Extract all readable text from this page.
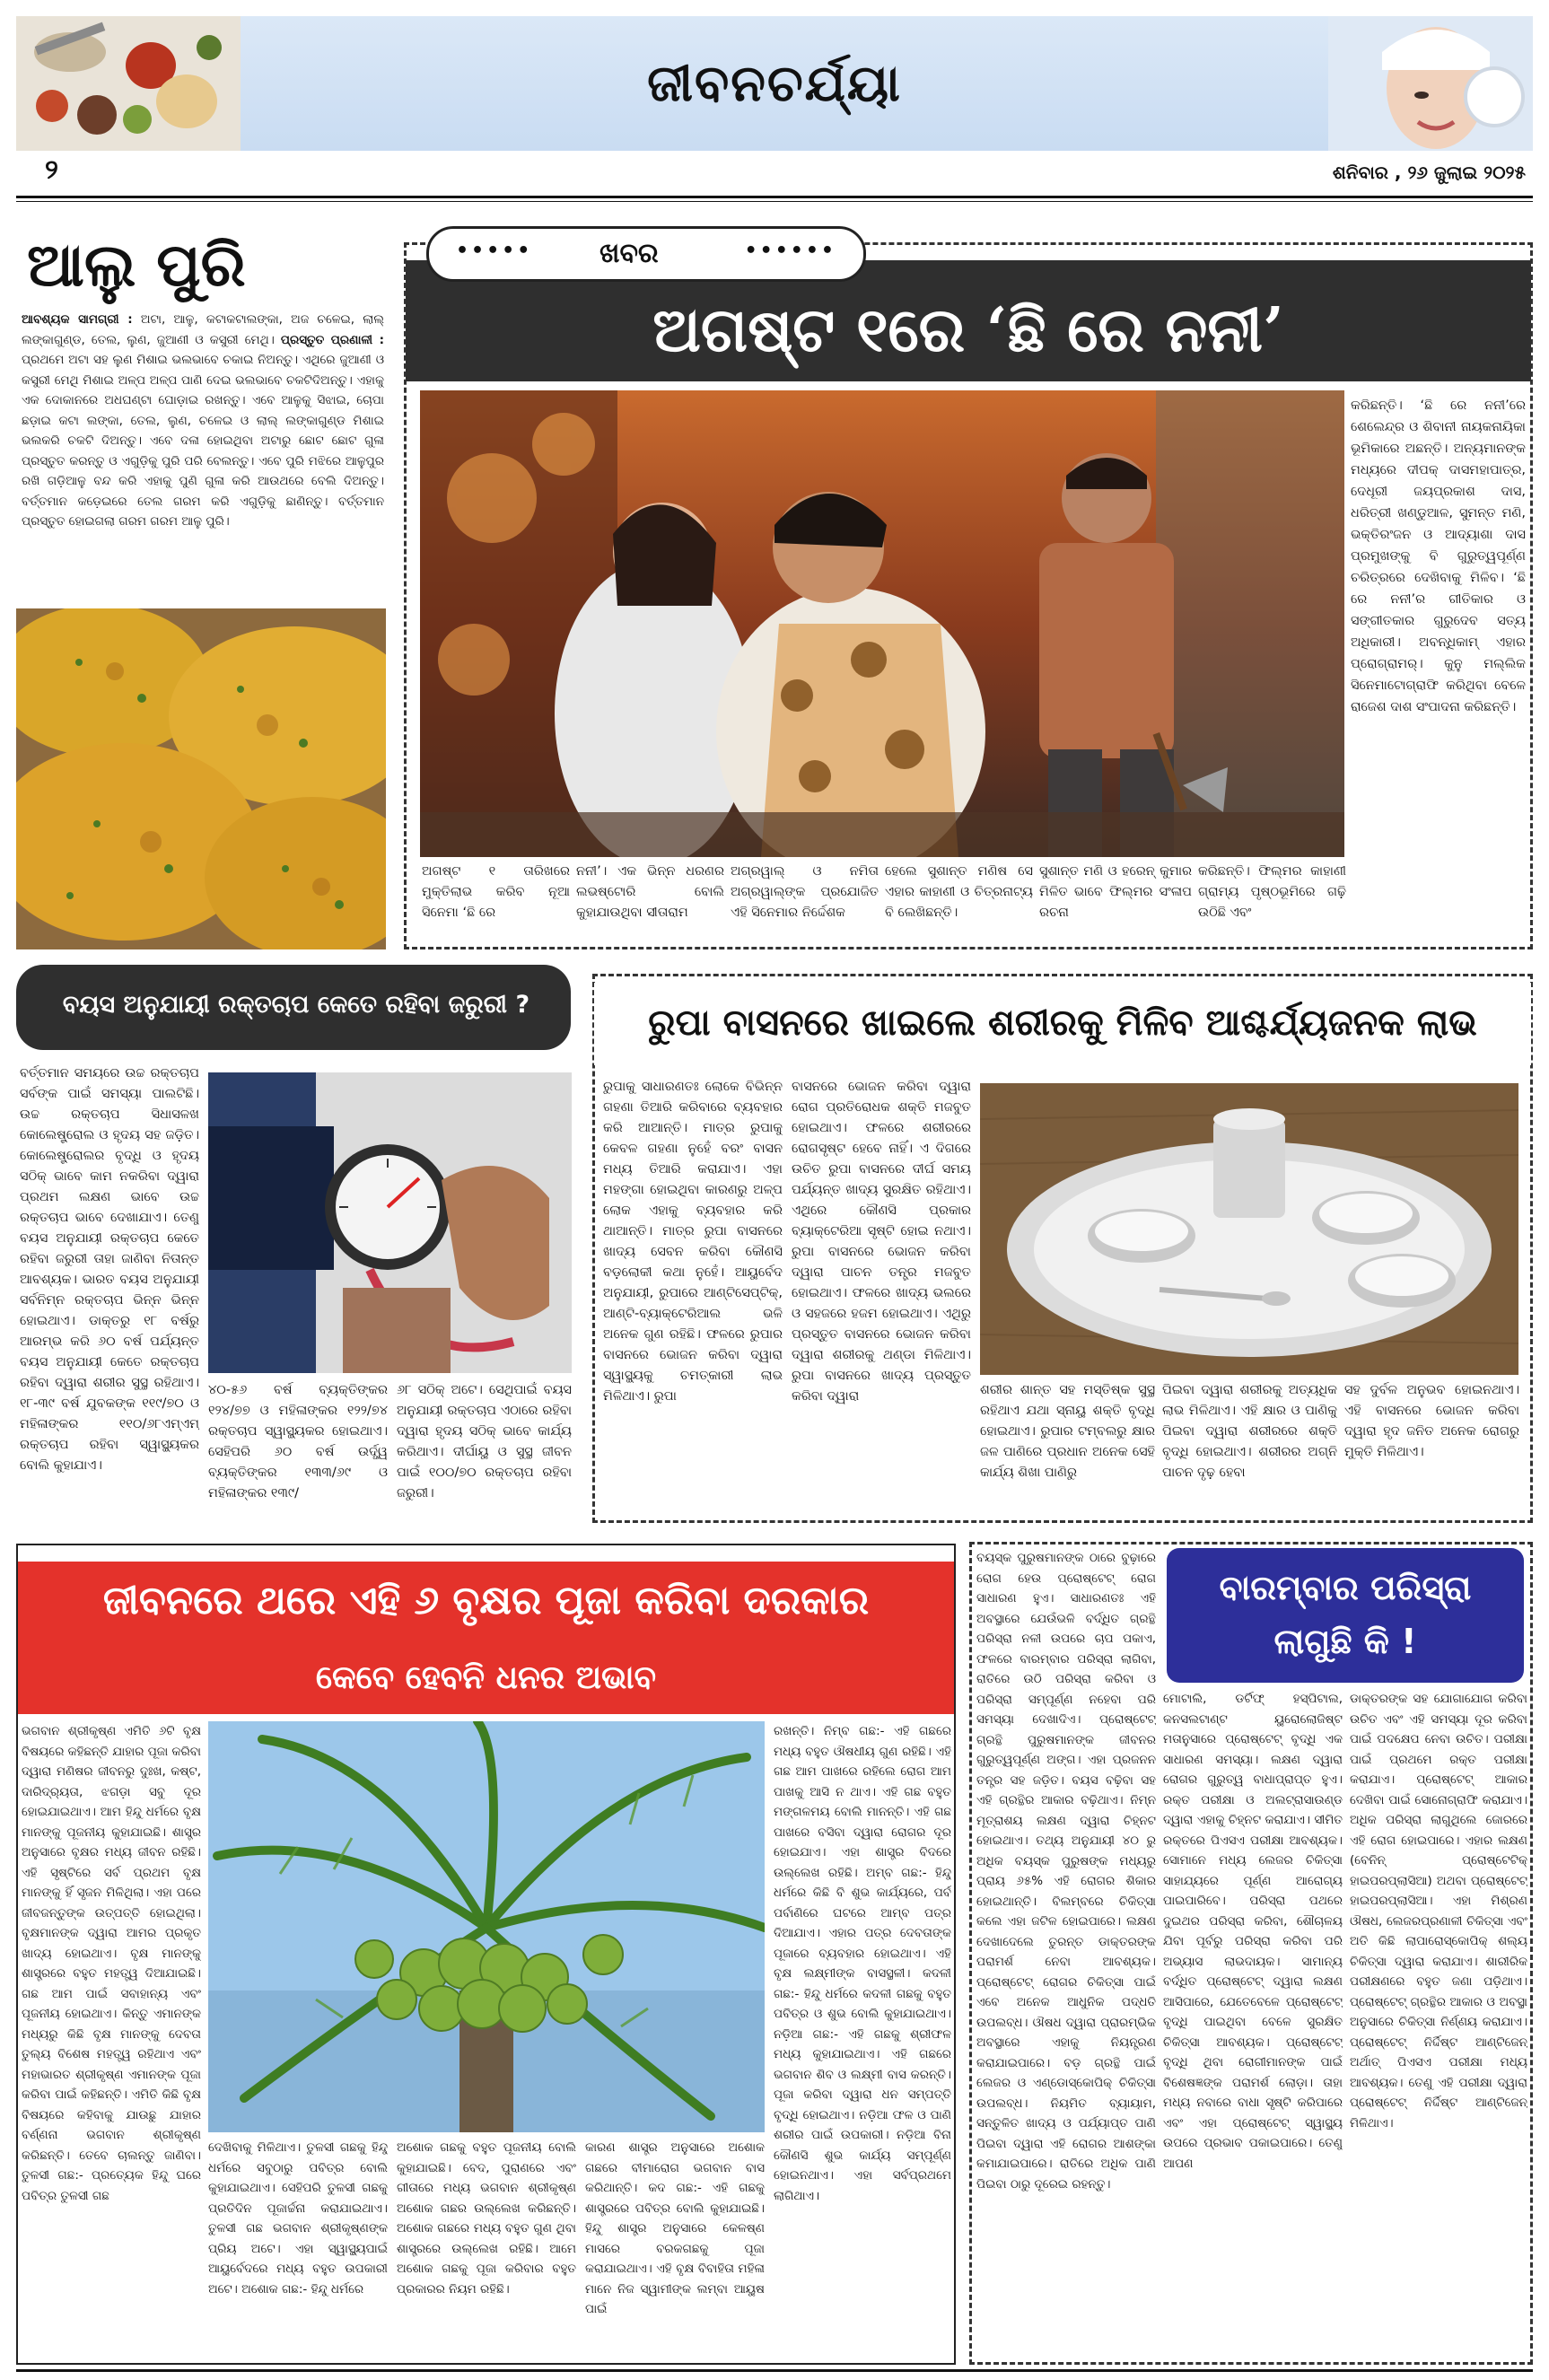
ଜୀବନଚର୍ଯ୍ୟା
୨	ଶନିବାର , ୨୬ ଜୁଲାଇ ୨୦୨୫
ଆଲୁ ପୁରି
ଆବଶ୍ୟକ ସାମଗ୍ରୀ : ଅଟା, ଆଳୁ, କଟାକଟାଲଙ୍କା, ଅଜ ଚଳେଇ, ଲାଲ୍ ଲଙ୍କାଗୁଣ୍ଡ, ତେଲ, ଲୁଣ, ଜୁଆଣୀ ଓ କସୁରୀ ମେଥି। ପ୍ରସ୍ତୁତ ପ୍ରଣାଳୀ : ପ୍ରଥମେ ଅଟା ସହ ଲୁଣ ମିଶାଇ ଭଲଭାବେ ଚକାଇ ନିଅନ୍ତୁ। ଏଥିରେ ଜୁଆଣୀ ଓ କସୁରୀ ମେଥି ମିଶାଇ ଅଳ୍ପ ଅଳ୍ପ ପାଣି ଦେଇ ଭଲଭାବେ ଚକଟିଦିଅନ୍ତୁ। ଏହାକୁ ଏକ ଦୋକାନରେ ଅଧଘଣ୍ଟା ଘୋଡ଼ାଇ ରଖନ୍ତୁ। ଏବେ ଆଳୁକୁ ସିଝାଇ, ଚୋପା ଛଡ଼ାଇ କଟା ଲଙ୍କା, ତେଲ, ଲୁଣ, ଚଳେଇ ଓ ଲାଲ୍ ଲଙ୍କାଗୁଣ୍ଡ ମିଶାଇ ଭଲକରି ଚକଟି ଦିଅନ୍ତୁ। ଏବେ ଦଳା ହୋଇଥିବା ଅଟାରୁ ଛୋଟ ଛୋଟ ଗୁଳା ପ୍ରସ୍ତୁତ କରନ୍ତୁ ଓ ଏଗୁଡ଼ିକୁ ପୁରି ପରି ବେଲନ୍ତୁ। ଏବେ ପୁରି ମଝିରେ ଆଳୁପୁର ରଖି ଗଡ଼ିଆଳୁ ବନ୍ଦ କରି ଏହାକୁ ପୁଣି ଗୁଳା କରି ଆଉଥରେ ବେଲି ଦିଅନ୍ତୁ। ବର୍ତ୍ତମାନ କଡ଼େଇରେ ତେଲ ଗରମ କରି ଏଗୁଡ଼ିକୁ ଛାଣିନ୍ତୁ। ବର୍ତ୍ତମାନ ପ୍ରସ୍ତୁତ ହୋଇଗଲା ଗରମ ଗରମ ଆଳୁ ପୁରି।
••••• ଖବର	••••••
ଅଗଷ୍ଟ ୧ରେ ‘ଛି ରେ ନନୀ’
କରିଛନ୍ତି। ‘ଛି ରେ ନନୀ’ରେ ଶେଲେନ୍ଦ୍ର ଓ ଶିବାନୀ ନାୟକନାୟିକା ଭୂମିକାରେ ଅଛନ୍ତି। ଅନ୍ୟମାନଙ୍କ ମଧ୍ୟରେ ଦୀପକ୍ ଦାସମହାପାତ୍ର, ଦେଧୂରୀ ଜୟପ୍ରକାଶ ଦାସ, ଧରିତ୍ରୀ ଖଣ୍ଡୁଆଳ, ସୁମନ୍ତ ମଣି, ଭକ୍ତିରଂଜନ ଓ ଆଦ୍ୟାଶା ଦାସ ପ୍ରମୁଖଙ୍କୁ ବି ଗୁରୁତ୍ୱପୂର୍ଣ୍ଣ ଚରିତ୍ରରେ ଦେଖିବାକୁ ମିଳିବ। ‘ଛି ରେ ନନୀ’ର ଗୀତିକାର ଓ ସଙ୍ଗୀତକାର ଗୁରୁଦେବ ସତ୍ୟ ଅଧିକାରୀ। ଅବନ୍ଧିକାମ୍ ଏହାର ପ୍ରୋଗ୍ରାମର୍। କୁନୁ ମଲ୍ଲିକ ସିନେମାଟୋଗ୍ରାଫି କରିଥିବା ବେଳେ ରାଜେଶ ଦାଶ ସଂପାଦନା କରିଛନ୍ତି।
ଅଗଷ୍ଟ ୧ ତାରିଖରେ ମୁକ୍ତିଲାଭ କରିବ ନୂଆ ସିନେମା ‘ଛି ରେ
ନନୀ’। ଏକ ଭିନ୍ନ ଧରଣର ଲଭଷ୍ଟୋରି ବୋଲି କୁହାଯାଉଥିବା ସୀତାରାମ
ଅଗ୍ରୱାଲ୍ ଓ ନମିତା ଅଗ୍ରୱାଲ୍‌ଙ୍କ ପ୍ରଯୋଜିତ ଏହି ସିନେମାର ନିର୍ଦ୍ଦେଶକ
ହେଲେ ସୁଶାନ୍ତ ମଣିଷ ସେ ଏହାର କାହାଣୀ ଓ ଚିତ୍ରନାଟ୍ୟ ବି ଲେଖିଛନ୍ତି।
ସୁଶାନ୍ତ ମଣି ଓ ହରେନ୍ କୁମାର ମିଳିତ ଭାବେ ଫିଲ୍ମର ସଂଳାପ ରଚନା
କରିଛନ୍ତି। ଫିଲ୍ମର କାହାଣୀ ଗ୍ରାମ୍ୟ ପୃଷ୍ଠଭୂମିରେ ଗଢ଼ି ଉଠିଛି ଏବଂ
ବୟସ ଅନୁଯାୟୀ ରକ୍ତଚାପ କେତେ ରହିବା ଜରୁରୀ ?
ବର୍ତ୍ତମାନ ସମୟରେ ଉଚ୍ଚ ରକ୍ତଚାପ ସର୍ବଙ୍କ ପାଇଁ ସମସ୍ୟା ପାଲଟିଛି। ଉଚ୍ଚ ରକ୍ତଚାପ ସିଧାସଳଖ କୋଲେଷ୍ଟ୍ରୋଲ ଓ ହୃଦୟ ସହ ଜଡ଼ିତ। କୋଲେଷ୍ଟ୍ରୋଲର ବୃଦ୍ଧି ଓ ହୃଦୟ ସଠିକ୍ ଭାବେ କାମ ନକରିବା ଦ୍ୱାରା ପ୍ରଥମ ଲକ୍ଷଣ ଭାବେ ଉଚ୍ଚ ରକ୍ତଚାପ ଭାବେ ଦେଖାଯାଏ। ତେଣୁ ବୟସ ଅନୁଯାୟୀ ରକ୍ତଚାପ କେତେ ରହିବା ଜରୁରୀ ତାହା ଜାଣିବା ନିତାନ୍ତ ଆବଶ୍ୟକ। ଭାରତ ବୟସ ଅନୁଯାୟୀ ସର୍ବନିମ୍ନ ରକ୍ତଚାପ ଭିନ୍ନ ଭିନ୍ନ ହୋଇଥାଏ। ଡାକ୍ତରୁ ୧୮ ବର୍ଷରୁ ଆରମ୍ଭ କରି ୬୦ ବର୍ଷ ପର୍ଯ୍ୟନ୍ତ ବୟସ ଅନୁଯାୟୀ କେତେ ରକ୍ତଚାପ ରହିବା ଦ୍ୱାରା ଶରୀର ସୁସ୍ଥ ରହିଥାଏ। ୧୮-୩୯ ବର୍ଷ ଯୁବକଙ୍କ ୧୧୯/୭୦ ଓ ମହିଳାଙ୍କର ୧୧୦/୬୮ଏମ୍ଏମ୍ ରକ୍ତଚାପ ରହିବା ସ୍ୱାସ୍ଥ୍ୟକର ବୋଲି କୁହାଯାଏ।
୪୦-୫୬ ବର୍ଷ ବ୍ୟକ୍ତିଙ୍କର ୧୨୪/୭୭ ଓ ମହିଳାଙ୍କର ୧୨୨/୭୪ ରକ୍ତଚାପ ସ୍ୱାସ୍ଥ୍ୟକର ହୋଇଥାଏ। ସେହିପରି ୬୦ ବର୍ଷ ଉର୍ଦ୍ଧ୍ୱ ବ୍ୟକ୍ତିଙ୍କର ୧୩୩/୬୯ ଓ ମହିଳାଙ୍କର ୧୩୯/
୬୮ ସଠିକ୍ ଅଟେ। ସେଥିପାଇଁ ବୟସ ଅନୁଯାୟୀ ରକ୍ତଚାପ ଏଠାରେ ରହିବା ଦ୍ୱାରା ହୃଦୟ ସଠିକ୍ ଭାବେ କାର୍ଯ୍ୟ କରିଥାଏ। ଦୀର୍ଘାୟୁ ଓ ସୁସ୍ଥ ଜୀବନ ପାଇଁ ୧୦୦/୭୦ ରକ୍ତଚାପ ରହିବା ଜରୁରୀ।
ରୁପା ବାସନରେ ଖାଇଲେ ଶରୀରକୁ ମିଳିବ ଆଶ୍ଚର୍ଯ୍ୟଜନକ ଲାଭ
ରୁପାକୁ ସାଧାରଣତଃ ଲୋକେ ବିଭିନ୍ନ ଗହଣା ତିଆରି କରିବାରେ ବ୍ୟବହାର କରି ଆଆନ୍ତି। ମାତ୍ର ରୁପାକୁ କେବଳ ଗହଣା ନୁହେଁ ବରଂ ବାସନ ମଧ୍ୟ ତିଆରି କରାଯାଏ। ଏହା ମହଙ୍ଗା ହୋଇଥିବା କାରଣରୁ ଅଳ୍ପ ଲୋକ ଏହାକୁ ବ୍ୟବହାର କରି ଥାଆନ୍ତି। ମାତ୍ର ରୁପା ବାସନରେ ଖାଦ୍ୟ ସେବନ କରିବା କୌଣସି ବଡ଼ଲୋକୀ କଥା ନୁହେଁ। ଆୟୁର୍ବେଦ ଅନୁଯାୟୀ, ରୁପାରେ ଆଣ୍ଟିସେପ୍ଟିକ୍, ଆଣ୍ଟି-ବ୍ୟାକ୍ଟେରିଆଲ ଭଳି ଅନେକ ଗୁଣ ରହିଛି। ଫଳରେ ରୁପାର ବାସନରେ ଭୋଜନ କରିବା ଦ୍ୱାରା ସ୍ୱାସ୍ଥ୍ୟକୁ ଚମତ୍କାରୀ ଲାଭ ମିଳିଥାଏ। ରୁପା
ବାସନରେ ଭୋଜନ କରିବା ଦ୍ୱାରା ରୋଗ ପ୍ରତିରୋଧକ ଶକ୍ତି ମଜବୁତ ହୋଇଥାଏ। ଫଳରେ ଶରୀରରେ ରୋଗସୃଷ୍ଟ ହେବେ ନାହିଁ। ଏ ଦିଗରେ ଉଚିତ ରୁପା ବାସନରେ ଦୀର୍ଘ ସମୟ ପର୍ଯ୍ୟନ୍ତ ଖାଦ୍ୟ ସୁରକ୍ଷିତ ରହିଥାଏ। ଏଥିରେ କୌଣସି ପ୍ରକାର ବ୍ୟାକ୍ଟେରିଆ ସୃଷ୍ଟି ହୋଇ ନଥାଏ। ରୁପା ବାସନରେ ଭୋଜନ କରିବା ଦ୍ୱାରା ପାଚନ ତନ୍ତ୍ର ମଜବୁତ ହୋଇଥାଏ। ଫଳରେ ଖାଦ୍ୟ ଭଲରେ ଓ ସହଜରେ ହଜମ ହୋଇଥାଏ। ଏଥିରୁ ପ୍ରସ୍ତୁତ ବାସନରେ ଭୋଜନ କରିବା ଦ୍ୱାରା ଶରୀରକୁ ଥଣ୍ଡା ମିଳିଥାଏ। ରୁପା ବାସନରେ ଖାଦ୍ୟ ପ୍ରସ୍ତୁତ କରିବା ଦ୍ୱାରା	ଶରୀର ଶାନ୍ତ ସହ ମସ୍ତିଷ୍କ ସୁସ୍ଥ ରହିଥାଏ ଯଥା ସ୍ନାୟୁ ଶକ୍ତି ବୃଦ୍ଧି ହୋଇଥାଏ। ରୁପାର ଟମ୍ବଲରୁ କ୍ଷାର ଜଳ ପାଣିରେ ପ୍ରଧାନ ଅନେକ ସେହି କାର୍ଯ୍ୟ ଶିଖା ପାଣିରୁ
ପିଇବା ଦ୍ୱାରା ଶରୀରକୁ ଅତ୍ୟଧିକ ଲାଭ ମିଳିଥାଏ। ଏହି କ୍ଷାର ଓ ପାଣିକୁ ପିଇବା ଦ୍ୱାରା ଶରୀରରେ ଶକ୍ତି ବୃଦ୍ଧି ହୋଇଥାଏ। ଶରୀରର ଅଗ୍ନି ପାଚନ ଦୃଢ଼ ହେବା
ସହ ଦୁର୍ବଳ ଅନୁଭବ ହୋଇନଥାଏ। ଏହି ବାସନରେ ଭୋଜନ କରିବା ଦ୍ୱାରା ହୃଦ ଜନିତ ଅନେକ ରୋଗରୁ ମୁକ୍ତି ମିଳିଥାଏ।
ଜୀବନରେ ଥରେ ଏହି ୬ ବୃକ୍ଷର ପୂଜା କରିବା ଦରକାର
କେବେ ହେବନି ଧନର ଅଭାବ
ଭଗବାନ ଶ୍ରୀକୃଷ୍ଣ ଏମିତି ୬ଟି ବୃକ୍ଷ ବିଷୟରେ କହିଛନ୍ତି ଯାହାର ପୂଜା କରିବା ଦ୍ୱାରା ମଣିଷର ଜୀବନରୁ ଦୁଃଖ, କଷ୍ଟ, ଦାରିଦ୍ର୍ୟତା, ଝଗଡ଼ା ସବୁ ଦୂର ହୋଇଯାଇଥାଏ। ଆମ ହିନ୍ଦୁ ଧର୍ମରେ ବୃକ୍ଷ ମାନଙ୍କୁ ପୂଜନୀୟ କୁହାଯାଇଛି। ଶାସ୍ତ୍ର ଅନୁସାରେ ବୃକ୍ଷର ମଧ୍ୟ ଜୀବନ ରହିଛି। ଏହି ସୃଷ୍ଟିରେ ସର୍ବ ପ୍ରଥମ ବୃକ୍ଷ ମାନଙ୍କୁ ହିଁ ସୃଜନ ମିଳିଥିଲା। ଏହା ପରେ ଜୀବଜନ୍ତୁଙ୍କ ଉତ୍ପତ୍ତି ହୋଇଥିଲା। ବୃକ୍ଷମାନଙ୍କ ଦ୍ୱାରା ଆମର ପ୍ରକୃତ ଖାଦ୍ୟ ହୋଇଥାଏ। ବୃକ୍ଷ ମାନଙ୍କୁ ଶାସ୍ତ୍ରରେ ବହୁତ ମହତ୍ତ୍ୱ ଦିଆଯାଇଛି। ଗଛ ଆମ ପାଇଁ ସବାହାନ୍ୟ ଏବଂ ପୂଜନୀୟ ହୋଇଥାଏ। କିନ୍ତୁ ଏମାନଙ୍କ ମଧ୍ୟରୁ କିଛି ବୃକ୍ଷ ମାନଙ୍କୁ ଦେବତା ତୁଲ୍ୟ ବିଶେଷ ମହତ୍ତ୍ୱ ରହିଥାଏ ଏବଂ ମହାଭାରତ ଶ୍ରୀକୃଷ୍ଣ ଏମାନଙ୍କ ପୂଜା କରିବା ପାଇଁ କହିଛନ୍ତି। ଏମିତି କିଛି ବୃକ୍ଷ ବିଷୟରେ କହିବାକୁ ଯାଉଛୁ ଯାହାର ବର୍ଣ୍ଣନା ଭଗବାନ ଶ୍ରୀକୃଷ୍ଣ କରିଛନ୍ତି। ତେବେ ଚାଲନ୍ତୁ ଜାଣିବା। ତୁଳସୀ ଗଛ:- ପ୍ରତ୍ୟେକ ହିନ୍ଦୁ ଘରେ ପବିତ୍ର ତୁଳସୀ ଗଛ
ଦେଖିବାକୁ ମିଳିଥାଏ। ତୁଳସୀ ଗଛକୁ ହିନ୍ଦୁ ଧର୍ମରେ ସବୁଠାରୁ ପବିତ୍ର ବୋଲି କୁହାଯାଇଥାଏ। ସେହିପରି ତୁଳସୀ ଗଛକୁ ପ୍ରତିଦିନ ପୂଜାର୍ଚ୍ଚନା କରାଯାଇଥାଏ। ତୁଳସୀ ଗଛ ଭଗବାନ ଶ୍ରୀକୃଷ୍ଣଙ୍କ ପ୍ରିୟ ଅଟେ। ଏହା ସ୍ୱାସ୍ଥ୍ୟପାଇଁ ଆୟୁର୍ବେଦରେ ମଧ୍ୟ ବହୁତ ଉପକାରୀ ଅଟେ। ଅଶୋକ ଗଛ:- ହିନ୍ଦୁ ଧର୍ମରେ
ଅଶୋକ ଗଛକୁ ବହୁତ ପୂଜନୀୟ ବୋଲି କୁହାଯାଇଛି। ବେଦ, ପୁରାଣରେ ଏବଂ ଗୀତାରେ ମଧ୍ୟ ଭଗବାନ ଶ୍ରୀକୃଷ୍ଣ ଅଶୋକ ଗଛର ଉଲ୍ଲେଖ କରିଛନ୍ତି। ଅଶୋକ ଗଛରେ ମଧ୍ୟ ବହୁତ ଗୁଣ ଥିବା ଶାସ୍ତ୍ରରେ ଉଲ୍ଲେଖ ରହିଛି। ଆମେ ଅଶୋକ ଗଛକୁ ପୂଜା କରିବାର ବହୁତ ପ୍ରକାରର ନିୟମ ରହିଛି।
କାରଣ ଶାସ୍ତ୍ର ଅନୁସାରେ ଅଶୋକ ଗଛରେ ବୀମାରୋଗ ଭଗବାନ ବାସ କରିଥାନ୍ତି। କଦ ଗଛ:- ଏହି ଗଛକୁ ଶାସ୍ତ୍ରରେ ପବିତ୍ର ବୋଲି କୁହାଯାଇଛି। ହିନ୍ଦୁ ଶାସ୍ତ୍ର ଅନୁସାରେ କେଳଷ୍ଣ ମାସରେ ବରକଗଛକୁ ପୂଜା କରାଯାଇଥାଏ। ଏହି ବୃକ୍ଷ ବିବାହିତା ମହିଳା ମାନେ ନିଜ ସ୍ୱାମୀଙ୍କ ଲମ୍ବା ଆୟୁଷ ପାଇଁ
ରଖନ୍ତି। ନିମ୍ବ ଗଛ:- ଏହି ଗଛରେ ମଧ୍ୟ ବହୁତ ଔଷଧୀୟ ଗୁଣ ରହିଛି। ଏହି ଗଛ ଆମ ପାଖରେ ରହିଲେ ରୋଗ ଆମ ପାଖକୁ ଆସି ନ ଥାଏ। ଏହି ଗଛ ବହୁତ ମଙ୍ଗଳମୟ ବୋଲି ମାନନ୍ତି। ଏହି ଗଛ ପାଖରେ ବସିବା ଦ୍ୱାରା ରୋଗର ଦୂର ହୋଇଯାଏ। ଏହା ଶାସ୍ତ୍ର ବିଦରେ ଉଲ୍ଲେଖ ରହିଛି। ଅମ୍ବ ଗଛ:- ହିନ୍ଦୁ ଧର୍ମରେ କିଛି ବି ଶୁଭ କାର୍ଯ୍ୟରେ, ପର୍ବ ପର୍ବାଣିରେ ଘଟରେ ଆମ୍ବ ପତ୍ର ଦିଆଯାଏ। ଏହାର ପତ୍ର ଦେବତାଙ୍କ ପୂଜାରେ ବ୍ୟବହାର ହୋଇଥାଏ। ଏହି ବୃକ୍ଷ ଲକ୍ଷ୍ମୀଙ୍କ ବାସସ୍ଥଳୀ। କଦଳୀ ଗଛ:- ହିନ୍ଦୁ ଧର୍ମରେ କଦଳୀ ଗଛକୁ ବହୁତ ପବିତ୍ର ଓ ଶୁଭ ବୋଲି କୁହାଯାଇଥାଏ। ନଡ଼ିଆ ଗଛ:- ଏହି ଗଛକୁ ଶ୍ରୀଫଳ ମଧ୍ୟ କୁହାଯାଇଥାଏ। ଏହି ଗଛରେ ଭଗବାନ ଶିବ ଓ ଲକ୍ଷ୍ମୀ ବାସ କରନ୍ତି। ପୂଜା କରିବା ଦ୍ୱାରା ଧନ ସମ୍ପତ୍ତି ବୃଦ୍ଧି ହୋଇଥାଏ। ନଡ଼ିଆ ଫଳ ଓ ପାଣି ଶରୀର ପାଇଁ ଉପକାରୀ। ନଡ଼ିଆ ବିନା କୌଣସି ଶୁଭ କାର୍ଯ୍ୟ ସମ୍ପୂର୍ଣ୍ଣ ହୋଇନଥାଏ। ଏହା ସର୍ବପ୍ରଥମେ ଲାଗିଥାଏ।
ବାରମ୍ବାର ପରିସ୍ରା
ଲାଗୁଛି କି !
ବୟସ୍କ ପୁରୁଷମାନଙ୍କ ଠାରେ ବୁଢ଼ାରେ ରୋଗ ହେଉ ପ୍ରୋଷ୍ଟେଟ୍ ରୋଗ ସାଧାରଣ ହୁଏ। ସାଧାରଣତଃ ଏହି ଅବସ୍ଥାରେ ଯେଉଁଭଳି ବର୍ଦ୍ଧିତ ଗ୍ରନ୍ଥି ପରିସ୍ରା ନଳୀ ଉପରେ ଚାପ ପକାଏ, ଫଳରେ ବାରମ୍ବାର ପରିସ୍ରା ଲାଗିବା, ରାତିରେ ଉଠି ପରିସ୍ରା କରିବା ଓ ପରିସ୍ରା ସମ୍ପୂର୍ଣ୍ଣ ନହେବା ପରି ସମସ୍ୟା ଦେଖାଦିଏ। ପ୍ରୋଷ୍ଟେଟ୍ ଗ୍ରନ୍ଥି ପୁରୁଷମାନଙ୍କ ଜୀବନର ଗୁରୁତ୍ୱପୂର୍ଣ୍ଣ ଅଙ୍ଗ। ଏହା ପ୍ରଜନନ ତନ୍ତ୍ର ସହ ଜଡ଼ିତ। ବୟସ ବଢ଼ିବା ସହ ଏହି ଗ୍ରନ୍ଥିର ଆକାର ବଢ଼ିଥାଏ। ନିମ୍ନ ମୂତ୍ରାଶୟ ଲକ୍ଷଣ ଦ୍ୱାରା ଚିହ୍ନଟ ହୋଇଥାଏ। ତଥ୍ୟ ଅନୁଯାୟୀ ୪୦ ରୁ ଅଧିକ ବୟସ୍କ ପୁରୁଷଙ୍କ ମଧ୍ୟରୁ ପ୍ରାୟ ୬୫% ଏହି ରୋଗର ଶିକାର ହୋଇଥାନ୍ତି। ବିଲମ୍ବରେ ଚିକିତ୍ସା କଲେ ଏହା ଜଟିଳ ହୋଇପାରେ। ଲକ୍ଷଣ ଦେଖାଦେଲେ ତୁରନ୍ତ ଡାକ୍ତରଙ୍କ ପରାମର୍ଶ ନେବା ଆବଶ୍ୟକ। ପ୍ରୋଷ୍ଟେଟ୍ ରୋଗର ଚିକିତ୍ସା ପାଇଁ ଏବେ ଅନେକ ଆଧୁନିକ ପଦ୍ଧତି ଉପଲବ୍ଧ। ଔଷଧ ଦ୍ୱାରା ପ୍ରାରମ୍ଭିକ ଅବସ୍ଥାରେ ଏହାକୁ ନିୟନ୍ତ୍ରଣ କରାଯାଇପାରେ। ବଡ଼ ଗ୍ରନ୍ଥି ପାଇଁ ଲେଜର ଓ ଏଣ୍ଡୋସ୍କୋପିକ୍ ଚିକିତ୍ସା ଉପଲବ୍ଧ। ନିୟମିତ ବ୍ୟାୟାମ, ସନ୍ତୁଳିତ ଖାଦ୍ୟ ଓ ପର୍ଯ୍ୟାପ୍ତ ପାଣି ପିଇବା ଦ୍ୱାରା ଏହି ରୋଗର ଆଶଙ୍କା କମାଯାଇପାରେ। ରାତିରେ ଅଧିକ ପାଣି ପିଇବା ଠାରୁ ଦୂରେଇ ରହନ୍ତୁ।
ମୋଟାଲି, ଡର୍ଟିଫ୍ ହସ୍ପିଟାଲ, କନସଲଟାଣ୍ଟ ୟୁରୋଲୋଜିଷ୍ଟ ମତାନୁସାରେ ପ୍ରୋଷ୍ଟେଟ୍ ବୃଦ୍ଧି ଏକ ସାଧାରଣ ସମସ୍ୟା। ଲକ୍ଷଣ ଦ୍ୱାରା ରୋଗର ଗୁରୁତ୍ୱ ବାଧାପ୍ରାପ୍ତ ହୁଏ। ରକ୍ତ ପରୀକ୍ଷା ଓ ଅଲଟ୍ରାସାଉଣ୍ଡ ଦ୍ୱାରା ଏହାକୁ ଚିହ୍ନଟ କରାଯାଏ। ସୀମିତ ରକ୍ତରେ ପିଏସଏ ପରୀକ୍ଷା ଆବଶ୍ୟକ। ସୋମାନେ ମଧ୍ୟ ଲେଜର ଚିକିତ୍ସା ସାହାଯ୍ୟରେ ପୂର୍ଣ୍ଣ ଆରୋଗ୍ୟ ପାଇପାରିବେ। ପରିସ୍ରା ପଥରେ ଦୁଇଥର ପରିସ୍ରା କରିବା, ଶୌଚାଳୟ ଯିବା ପୂର୍ବରୁ ପରିସ୍ରା କରିବା ପରି ଅଭ୍ୟାସ ଲାଭଦାୟକ। ସାମାନ୍ୟ ବର୍ଦ୍ଧିତ ପ୍ରୋଷ୍ଟେଟ୍ ଦ୍ୱାରା ଲକ୍ଷଣ ଆସିପାରେ, ଯେତେବେଳେ ପ୍ରୋଷ୍ଟେଟ୍ ବୃଦ୍ଧି ପାଇଥିବା ବେଳେ ସୁରକ୍ଷିତ ଚିକିତ୍ସା ଆବଶ୍ୟକ। ପ୍ରୋଷ୍ଟେଟ୍ ବୃଦ୍ଧି ଥିବା ରୋଗୀମାନଙ୍କ ପାଇଁ ବିଶେଷଜ୍ଞଙ୍କ ପରାମର୍ଶ ଲୋଡ଼ା। ତାହା ମଧ୍ୟ ନବାରେ ବାଧା ସୃଷ୍ଟି କରିପାରେ ଏବଂ ଏହା ପ୍ରୋଷ୍ଟେଟ୍ ସ୍ୱାସ୍ଥ୍ୟ ଉପରେ ପ୍ରଭାବ ପକାଇପାରେ। ତେଣୁ ଆପଣ
ଡାକ୍ତରଙ୍କ ସହ ଯୋଗାଯୋଗ କରିବା ଉଚିତ ଏବଂ ଏହି ସମସ୍ୟା ଦୂର କରିବା ପାଇଁ ପଦକ୍ଷେପ ନେବା ଉଚିତ। ପରୀକ୍ଷା ପାଇଁ ପ୍ରଥମେ ରକ୍ତ ପରୀକ୍ଷା କରାଯାଏ। ପ୍ରୋଷ୍ଟେଟ୍ ଆକାର ଦେଖିବା ପାଇଁ ସୋନୋଗ୍ରାଫି କରାଯାଏ। ଅଧିକ ପରିସ୍ରା ଲାଗୁଥିଲେ ଜୋରରେ ଏହି ରୋଗ ହୋଇପାରେ। ଏହାର ଲକ୍ଷଣ (ବେନିନ୍ ପ୍ରୋଷ୍ଟେଟିକ୍ ହାଇପରପ୍ଲାସିଆ) ଅଥବା ପ୍ରୋଷ୍ଟେଟ୍ ହାଇପରପ୍ଲାସିଆ। ଏହା ମିଶ୍ରଣ ଔଷଧ, ଲେଜରପ୍ରଣାଳୀ ଚିକିତ୍ସା ଏବଂ ଅତି କିଛି ଲାପାରୋସ୍କୋପିକ୍ ଶଲ୍ୟ ଚିକିତ୍ସା ଦ୍ୱାରା କରାଯାଏ। ଶାରୀରିକ ପରୀକ୍ଷଣରେ ବହୁତ ଜଣା ପଡ଼ିଥାଏ। ପ୍ରୋଷ୍ଟେଟ୍ ଗ୍ରନ୍ଥିର ଆକାର ଓ ଅବସ୍ଥା ଅନୁସାରେ ଚିକିତ୍ସା ନିର୍ଣ୍ଣୟ କରାଯାଏ। ପ୍ରୋଷ୍ଟେଟ୍ ନିର୍ଦ୍ଦିଷ୍ଟ ଆଣ୍ଟିଜେନ୍ ଅର୍ଥାତ୍ ପିଏସଏ ପରୀକ୍ଷା ମଧ୍ୟ ଆବଶ୍ୟକ। ତେଣୁ ଏହି ପରୀକ୍ଷା ଦ୍ୱାରା ପ୍ରୋଷ୍ଟେଟ୍ ନିର୍ଦ୍ଦିଷ୍ଟ ଆଣ୍ଟିଜେନ୍ ମିଳିଥାଏ।
